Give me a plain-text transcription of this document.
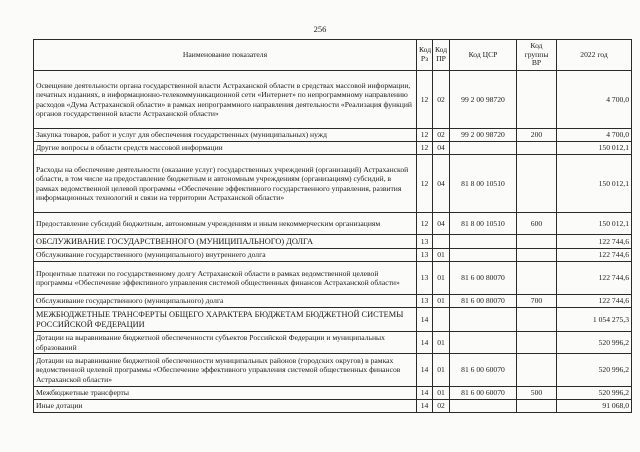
256
Наименование показателя	Код Рз	Код ПР	Код ЦСР	Код группы ВР	2022 год
Освещение деятельности органа государственной власти Астраханской области в средствах массовой информации, печатных изданиях, в информационно-телекоммуникационной сети «Интернет» по непрограммному направлению расходов «Дума Астраханской области» в рамках непрограммного направления деятельности «Реализация функций органов государственной власти Астраханской области»	12	02	99 2 00 98720		4 700,0
Закупка товаров, работ и услуг для обеспечения государственных (муниципальных) нужд	12	02	99 2 00 98720	200	4 700,0
Другие вопросы в области средств массовой информации	12	04			150 012,1
Расходы на обеспечение деятельности (оказание услуг) государственных учреждений (организаций) Астраханской области, в том числе на предоставление бюджетным и автономным учреждениям (организациям) субсидий, в рамках ведомственной целевой программы «Обеспечение эффективного государственного управления, развития информационных технологий и связи на территории Астраханской области»	12	04	81 8 00 10510		150 012,1
Предоставление субсидий бюджетным, автономным учреждениям и иным некоммерческим организациям	12	04	81 8 00 10510	600	150 012,1
ОБСЛУЖИВАНИЕ ГОСУДАРСТВЕННОГО (МУНИЦИПАЛЬНОГО) ДОЛГА	13				122 744,6
Обслуживание государственного (муниципального) внутреннего долга	13	01			122 744,6
Процентные платежи по государственному долгу Астраханской области в рамках ведомственной целевой программы «Обеспечение эффективного управления системой общественных финансов Астраханской области»	13	01	81 6 00 80070		122 744,6
Обслуживание государственного (муниципального) долга	13	01	81 6 00 80070	700	122 744,6
МЕЖБЮДЖЕТНЫЕ ТРАНСФЕРТЫ ОБЩЕГО ХАРАКТЕРА БЮДЖЕТАМ БЮДЖЕТНОЙ СИСТЕМЫ РОССИЙСКОЙ ФЕДЕРАЦИИ	14				1 054 275,3
Дотации на выравнивание бюджетной обеспеченности субъектов Российской Федерации и муниципальных образований	14	01			520 996,2
Дотации на выравнивание бюджетной обеспеченности муниципальных районов (городских округов) в рамках ведомственной целевой программы «Обеспечение эффективного управления системой общественных финансов Астраханской области»	14	01	81 6 00 60070		520 996,2
Межбюджетные трансферты	14	01	81 6 00 60070	500	520 996,2
Иные дотации	14	02			91 068,0
